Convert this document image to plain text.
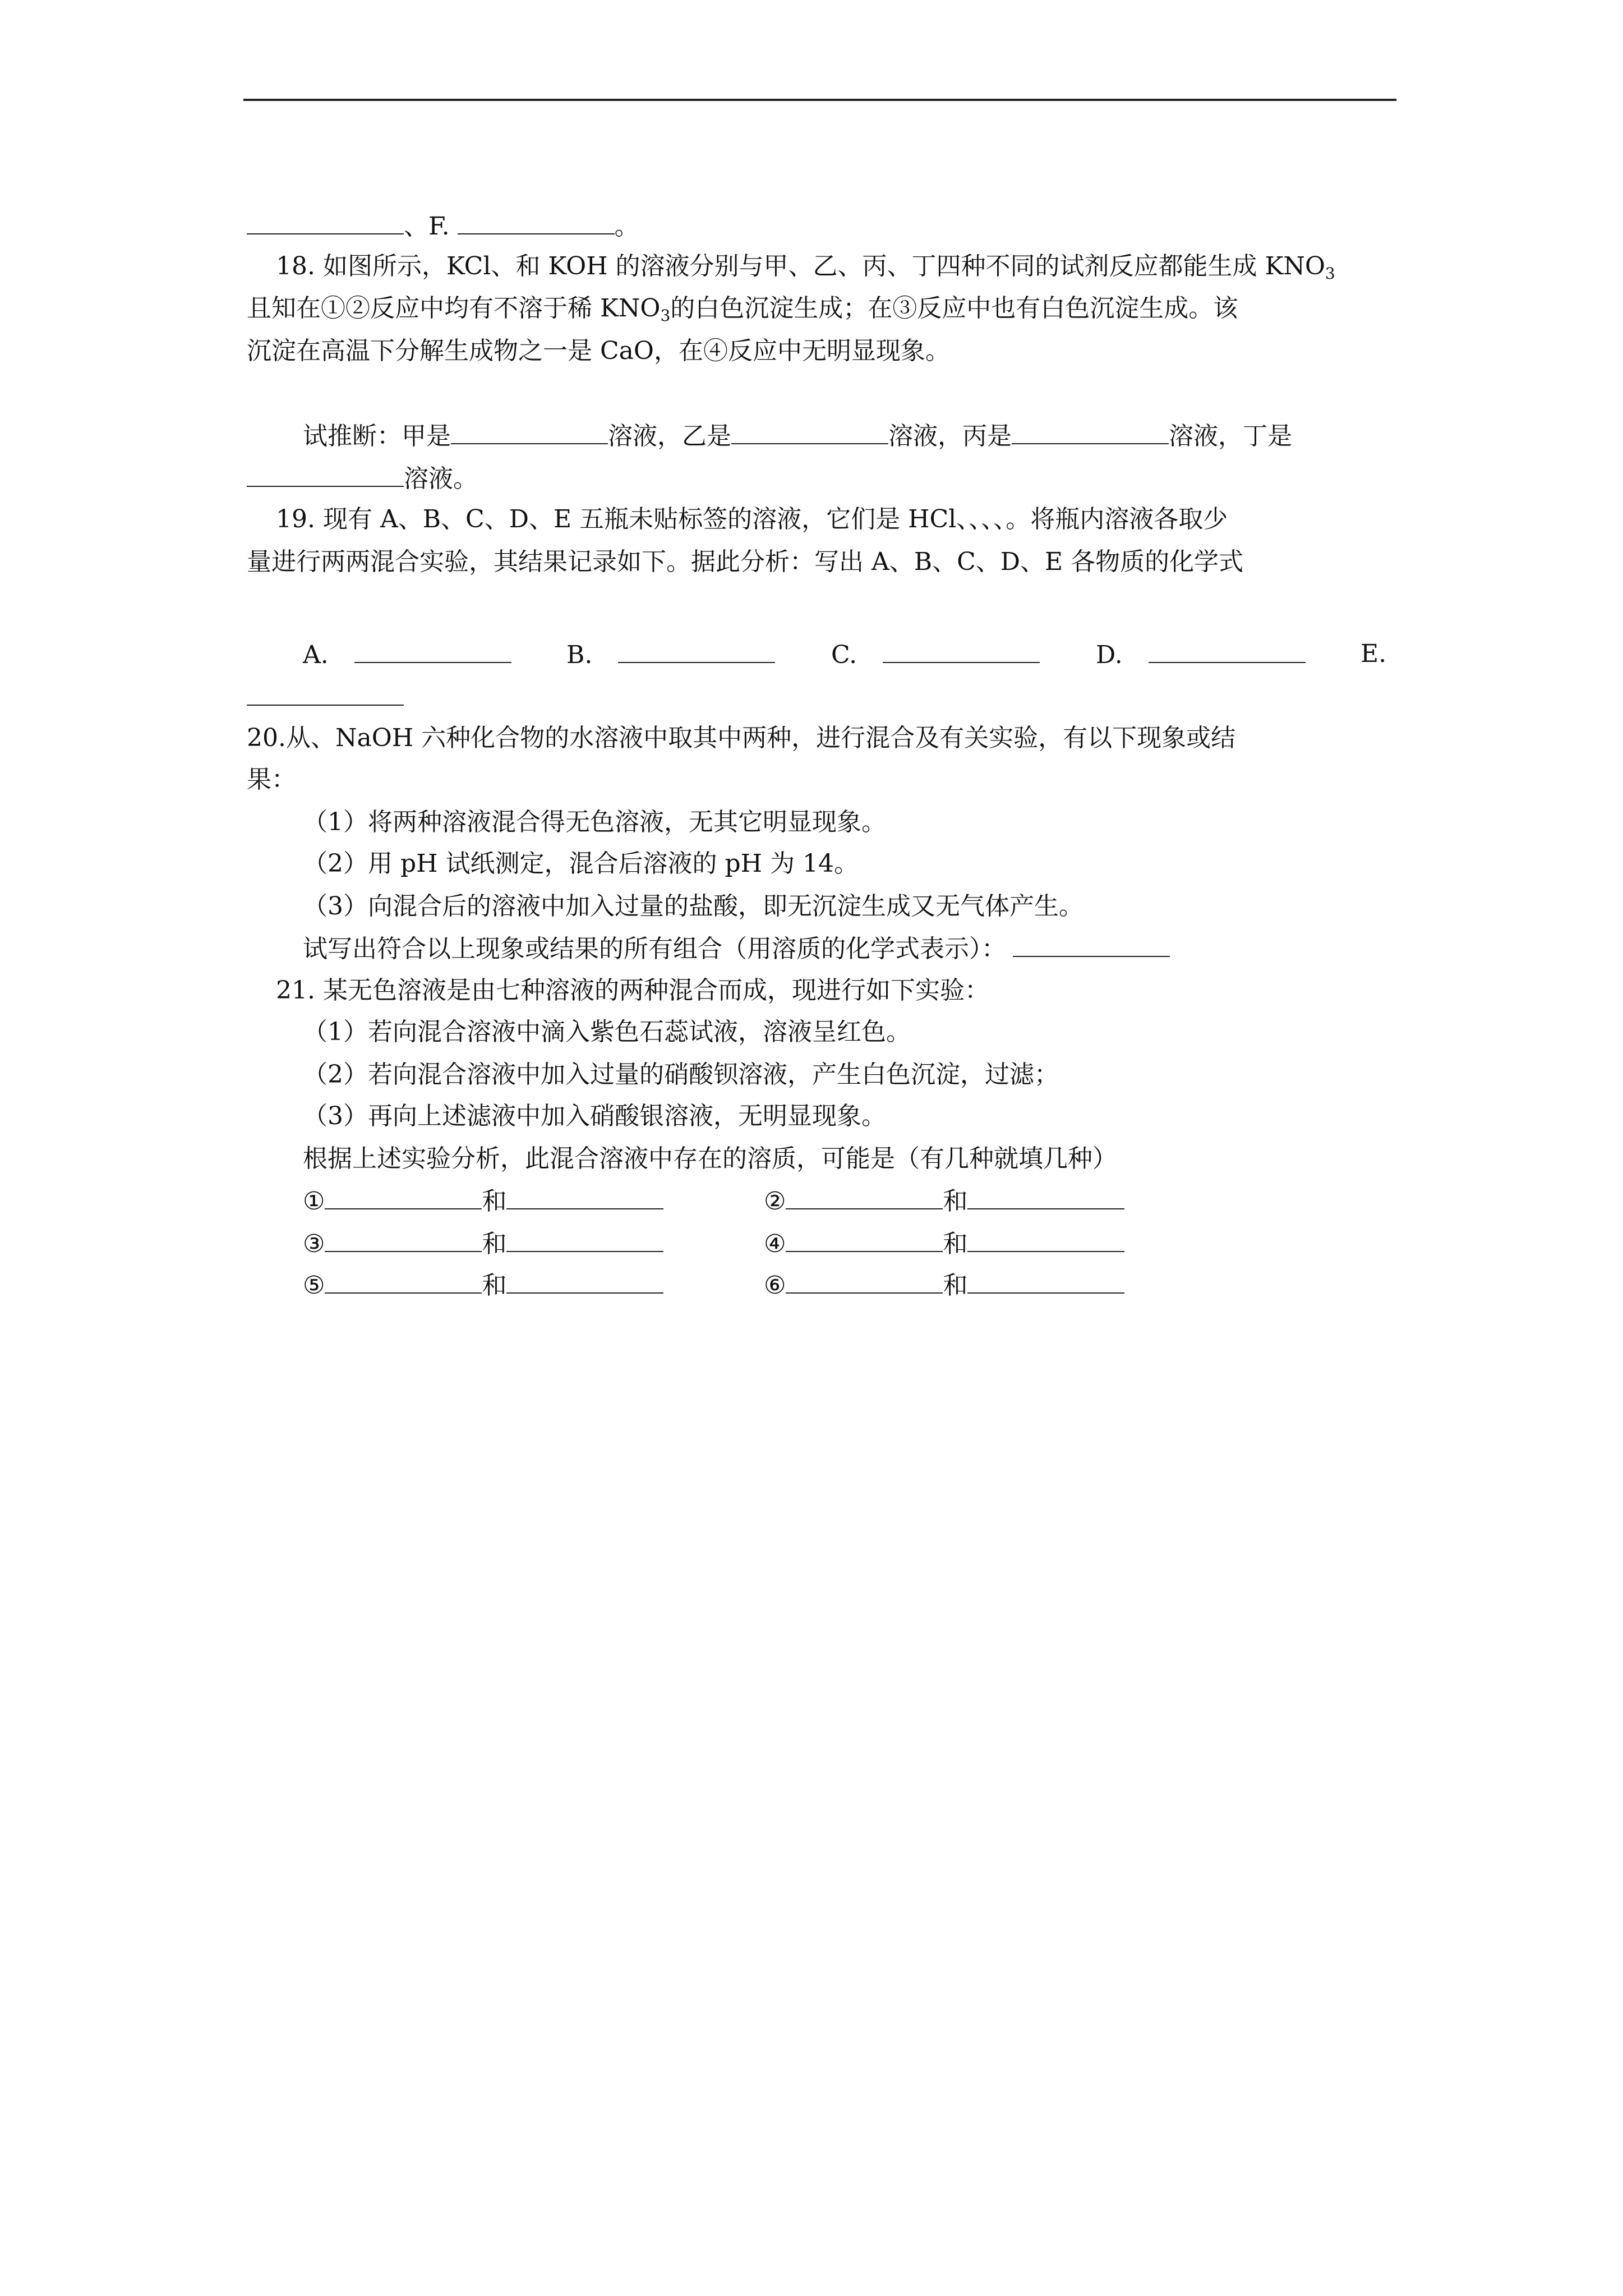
、F.	。
18. 如图所示，KCl、和 KOH 的溶液分别与甲、乙、丙、丁四种不同的试剂反应都能生成 $KNO_3$
且知在①②反应中均有不溶于稀 $KNO_3$的白色沉淀生成；在③反应中也有白色沉淀生成。该
沉淀在高温下分解生成物之一是 CaO，在④反应中无明显现象。
试推断：甲是	溶液，乙是	溶液，丙是	溶液，丁是
溶液。
19. 现有 A、B、C、D、E 五瓶未贴标签的溶液，它们是 HCl、、、、。将瓶内溶液各取少
量进行两两混合实验，其结果记录如下。据此分析：写出 A、B、C、D、E 各物质的化学式
A.	B.	C.	D.	E.
20.从、NaOH 六种化合物的水溶液中取其中两种，进行混合及有关实验，有以下现象或结
果：
（1）将两种溶液混合得无色溶液，无其它明显现象。
（2）用 pH 试纸测定，混合后溶液的 pH 为 14。
（3）向混合后的溶液中加入过量的盐酸，即无沉淀生成又无气体产生。
试写出符合以上现象或结果的所有组合（用溶质的化学式表示）：
21. 某无色溶液是由七种溶液的两种混合而成，现进行如下实验：
（1）若向混合溶液中滴入紫色石蕊试液，溶液呈红色。
（2）若向混合溶液中加入过量的硝酸钡溶液，产生白色沉淀，过滤；
（3）再向上述滤液中加入硝酸银溶液，无明显现象。
根据上述实验分析，此混合溶液中存在的溶质，可能是（有几种就填几种）
①	和	②	和
③	和	④	和
⑤	和	⑥	和
